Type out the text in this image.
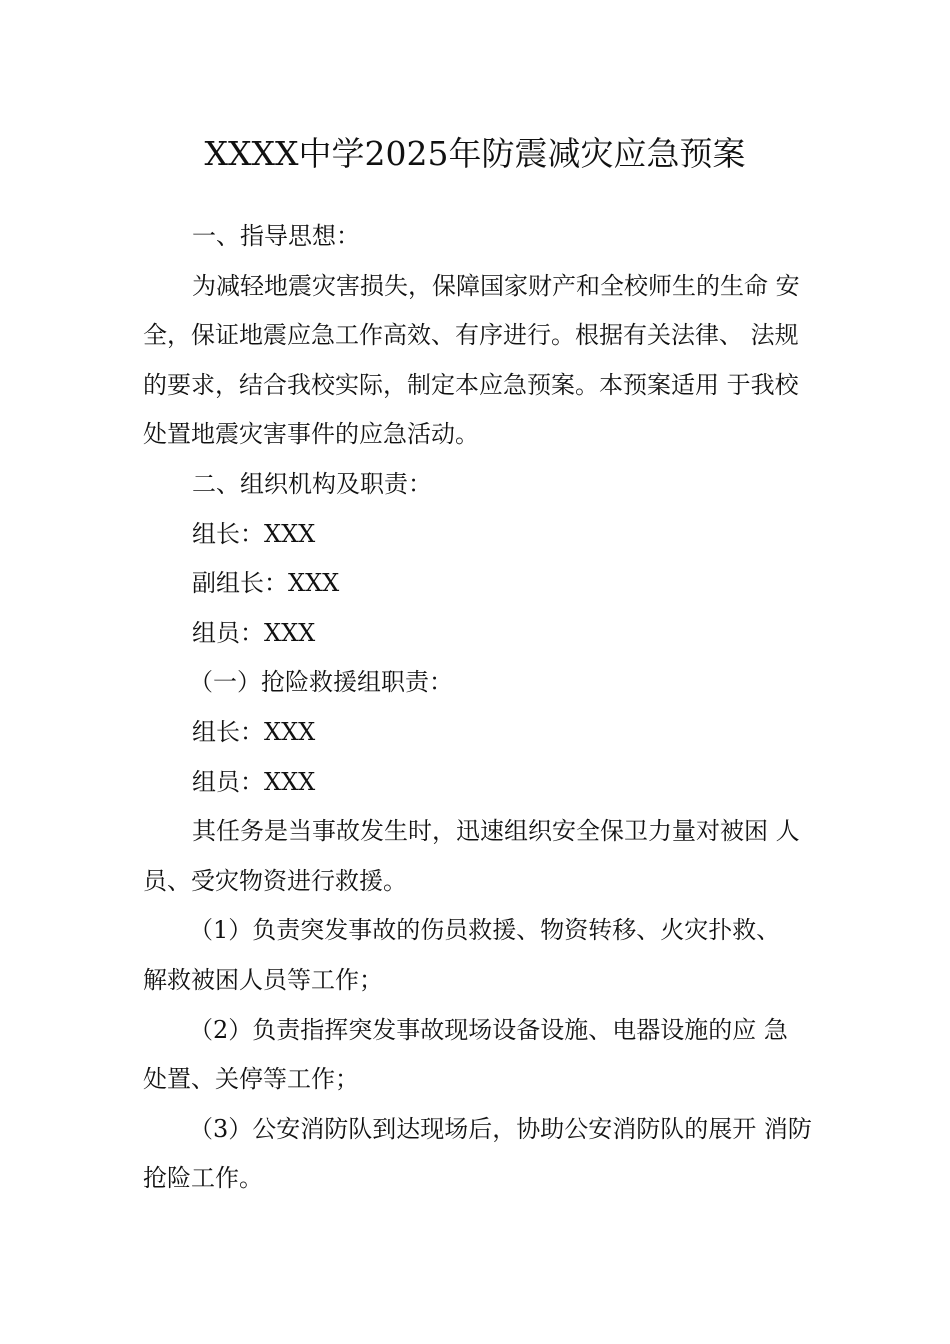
XXXX中学2025年防震减灾应急预案
一、指导思想：
为减轻地震灾害损失，保障国家财产和全校师生的生命 安
全，保证地震应急工作高效、有序进行。根据有关法律、 法规
的要求，结合我校实际，制定本应急预案。本预案适用 于我校
处置地震灾害事件的应急活动。
二、组织机构及职责：
组长：XXX
副组长：XXX
组员：XXX
（一）抢险救援组职责：
组长：XXX
组员：XXX
其任务是当事故发生时，迅速组织安全保卫力量对被困 人
员、受灾物资进行救援。
（1）负责突发事故的伤员救援、物资转移、火灾扑救、
解救被困人员等工作；
（2）负责指挥突发事故现场设备设施、电器设施的应 急
处置、关停等工作；
（3）公安消防队到达现场后，协助公安消防队的展开 消防
抢险工作。
